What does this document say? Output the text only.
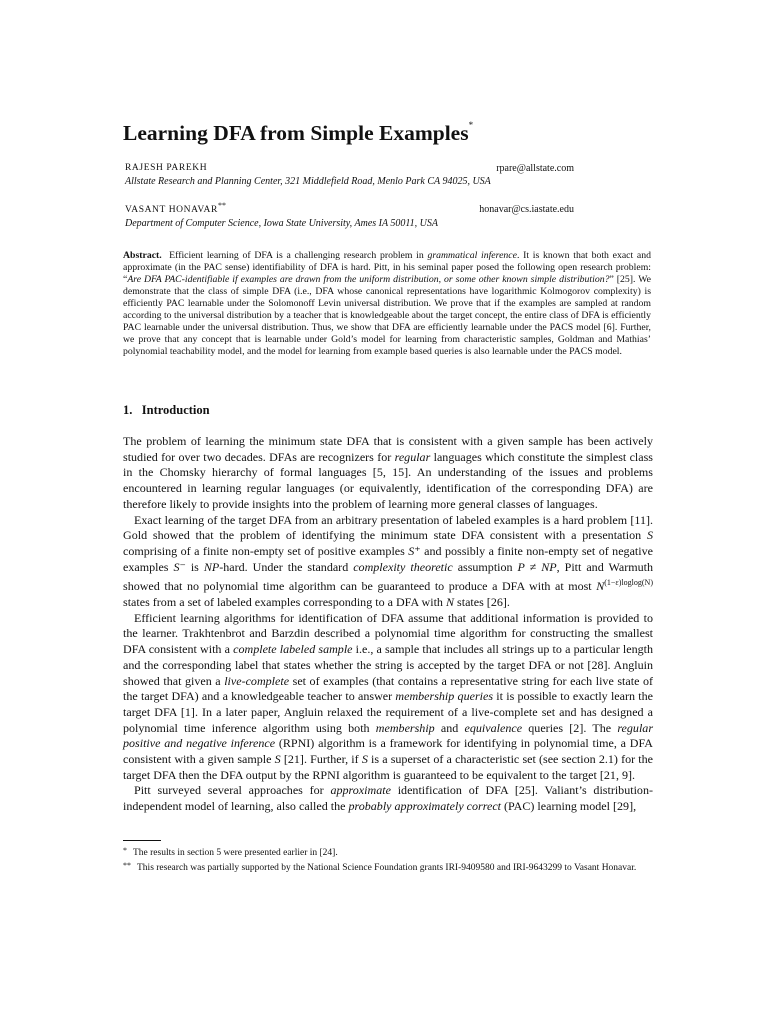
Learning DFA from Simple Examples*
RAJESH PAREKH	rpare@allstate.com
Allstate Research and Planning Center, 321 Middlefield Road, Menlo Park CA 94025, USA
VASANT HONAVAR**	honavar@cs.iastate.edu
Department of Computer Science, Iowa State University, Ames IA 50011, USA
Abstract. Efficient learning of DFA is a challenging research problem in grammatical inference. It is known that both exact and approximate (in the PAC sense) identifiability of DFA is hard. Pitt, in his seminal paper posed the following open research problem: “Are DFA PAC-identifiable if examples are drawn from the uniform distribution, or some other known simple distribution?” [25]. We demonstrate that the class of simple DFA (i.e., DFA whose canonical representations have logarithmic Kolmogorov complexity) is efficiently PAC learnable under the Solomonoff Levin universal distribution. We prove that if the examples are sampled at random according to the universal distribution by a teacher that is knowledgeable about the target concept, the entire class of DFA is efficiently PAC learnable under the universal distribution. Thus, we show that DFA are efficiently learnable under the PACS model [6]. Further, we prove that any concept that is learnable under Gold’s model for learning from characteristic samples, Goldman and Mathias’ polynomial teachability model, and the model for learning from example based queries is also learnable under the PACS model.
1. Introduction

The problem of learning the minimum state DFA that is consistent with a given sample has been actively studied for over two decades. DFAs are recognizers for regular languages which constitute the simplest class in the Chomsky hierarchy of formal languages [5, 15]. An understanding of the issues and problems encountered in learning regular languages (or equivalently, identification of the corresponding DFA) are therefore likely to provide insights into the problem of learning more general classes of languages.

Exact learning of the target DFA from an arbitrary presentation of labeled examples is a hard problem [11]. Gold showed that the problem of identifying the minimum state DFA consistent with a presentation S comprising of a finite non-empty set of positive examples S⁺ and possibly a finite non-empty set of negative examples S⁻ is NP-hard. Under the standard complexity theoretic assumption P ≠ NP, Pitt and Warmuth showed that no polynomial time algorithm can be guaranteed to produce a DFA with at most $N^{(1-\varepsilon)loglog(N)}$ states from a set of labeled examples corresponding to a DFA with N states [26].

Efficient learning algorithms for identification of DFA assume that additional information is provided to the learner. Trakhtenbrot and Barzdin described a polynomial time algorithm for constructing the smallest DFA consistent with a complete labeled sample i.e., a sample that includes all strings up to a particular length and the corresponding label that states whether the string is accepted by the target DFA or not [28]. Angluin showed that given a live-complete set of examples (that contains a representative string for each live state of the target DFA) and a knowledgeable teacher to answer membership queries it is possible to exactly learn the target DFA [1]. In a later paper, Angluin relaxed the requirement of a live-complete set and has designed a polynomial time inference algorithm using both membership and equivalence queries [2]. The regular positive and negative inference (RPNI) algorithm is a framework for identifying in polynomial time, a DFA consistent with a given sample S [21]. Further, if S is a superset of a characteristic set (see section 2.1) for the target DFA then the DFA output by the RPNI algorithm is guaranteed to be equivalent to the target [21, 9].

Pitt surveyed several approaches for approximate identification of DFA [25]. Valiant’s distribution-independent model of learning, also called the probably approximately correct (PAC) learning model [29],

* The results in section 5 were presented earlier in [24].
** This research was partially supported by the National Science Foundation grants IRI-9409580 and IRI-9643299 to Vasant Honavar.
